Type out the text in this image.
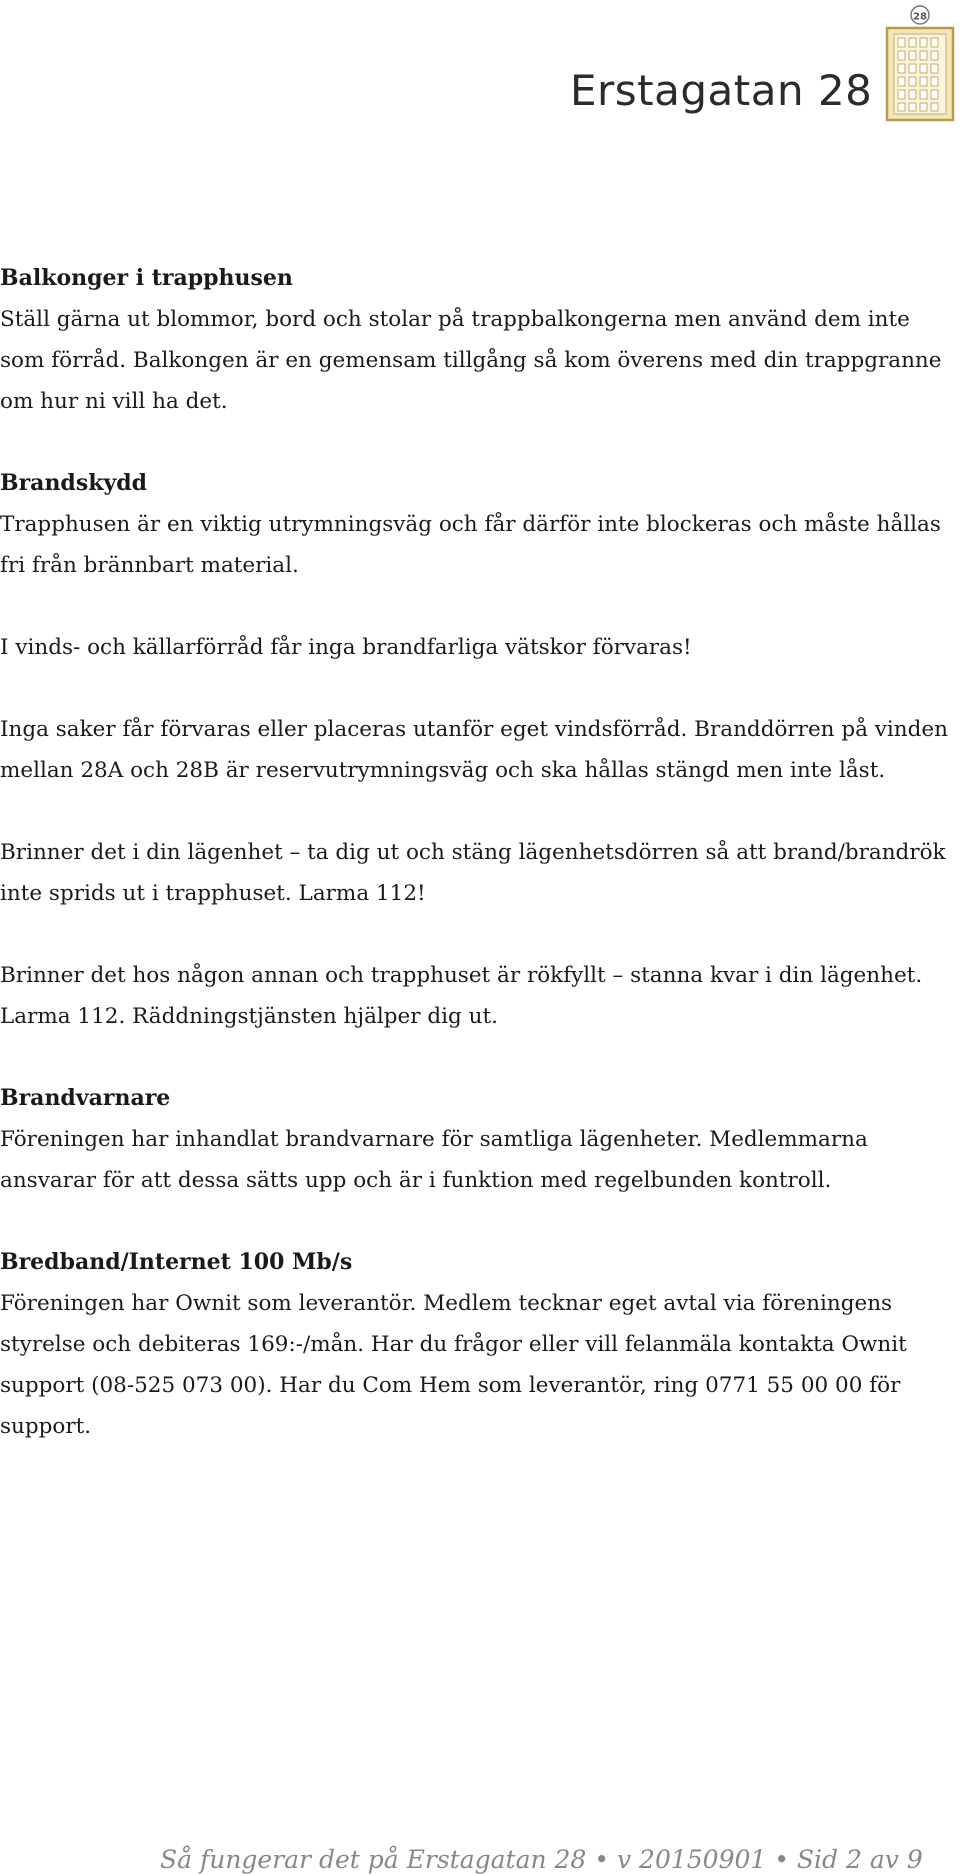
Erstagatan 28
28
Balkonger i trapphusen

Ställ gärna ut blommor, bord och stolar på trappbalkongerna men använd dem inte som förråd. Balkongen är en gemensam tillgång så kom överens med din trappgranne om hur ni vill ha det.

Brandskydd

Trapphusen är en viktig utrymningsväg och får därför inte blockeras och måste hållas fri från brännbart material.

I vinds- och källarförråd får inga brandfarliga vätskor förvaras!

Inga saker får förvaras eller placeras utanför eget vindsförråd. Branddörren på vinden mellan 28A och 28B är reservutrymningsväg och ska hållas stängd men inte låst.

Brinner det i din lägenhet – ta dig ut och stäng lägenhetsdörren så att brand/brandrök inte sprids ut i trapphuset. Larma 112!

Brinner det hos någon annan och trapphuset är rökfyllt – stanna kvar i din lägenhet. Larma 112. Räddningstjänsten hjälper dig ut.

Brandvarnare

Föreningen har inhandlat brandvarnare för samtliga lägenheter. Medlemmarna ansvarar för att dessa sätts upp och är i funktion med regelbunden kontroll.

Bredband/Internet 100 Mb/s

Föreningen har Ownit som leverantör. Medlem tecknar eget avtal via föreningens styrelse och debiteras 169:-/mån. Har du frågor eller vill felanmäla kontakta Ownit support (08-525 073 00). Har du Com Hem som leverantör, ring 0771 55 00 00 för support.

Så fungerar det på Erstagatan 28 • v 20150901 • Sid 2 av 9
